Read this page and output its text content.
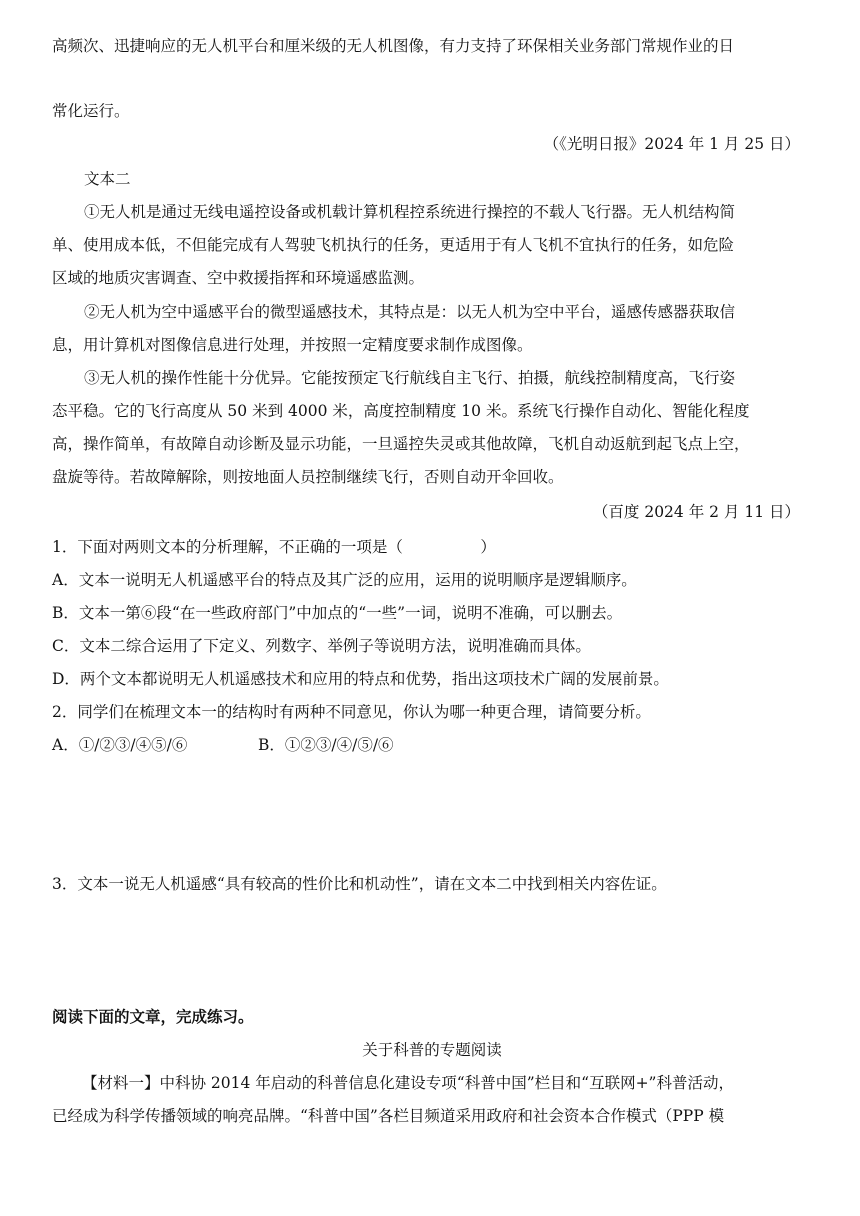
高频次、迅捷响应的无人机平台和厘米级的无人机图像，有力支持了环保相关业务部门常规作业的日
常化运行。
（《光明日报》2024 年 1 月 25 日）
文本二
①无人机是通过无线电遥控设备或机载计算机程控系统进行操控的不载人飞行器。无人机结构简
单、使用成本低，不但能完成有人驾驶飞机执行的任务，更适用于有人飞机不宜执行的任务，如危险
区域的地质灾害调查、空中救援指挥和环境遥感监测。
②无人机为空中遥感平台的微型遥感技术，其特点是：以无人机为空中平台，遥感传感器获取信
息，用计算机对图像信息进行处理，并按照一定精度要求制作成图像。
③无人机的操作性能十分优异。它能按预定飞行航线自主飞行、拍摄，航线控制精度高，飞行姿
态平稳。它的飞行高度从 50 米到 4000 米，高度控制精度 10 米。系统飞行操作自动化、智能化程度
高，操作简单，有故障自动诊断及显示功能，一旦遥控失灵或其他故障，飞机自动返航到起飞点上空，
盘旋等待。若故障解除，则按地面人员控制继续飞行，否则自动开伞回收。
（百度 2024 年 2 月 11 日）
1．下面对两则文本的分析理解，不正确的一项是（　　　　　）
A．文本一说明无人机遥感平台的特点及其广泛的应用，运用的说明顺序是逻辑顺序。
B．文本一第⑥段“在一些政府部门”中加点的“一些”一词，说明不准确，可以删去。
C．文本二综合运用了下定义、列数字、举例子等说明方法，说明准确而具体。
D．两个文本都说明无人机遥感技术和应用的特点和优势，指出这项技术广阔的发展前景。
2．同学们在梳理文本一的结构时有两种不同意见，你认为哪一种更合理，请简要分析。
A．①/②③/④⑤/⑥	B．①②③/④/⑤/⑥
3．文本一说无人机遥感“具有较高的性价比和机动性”，请在文本二中找到相关内容佐证。
阅读下面的文章，完成练习。
关于科普的专题阅读
【材料一】中科协 2014 年启动的科普信息化建设专项“科普中国”栏目和“互联网+”科普活动，
已经成为科学传播领域的响亮品牌。“科普中国”各栏目频道采用政府和社会资本合作模式（PPP 模
